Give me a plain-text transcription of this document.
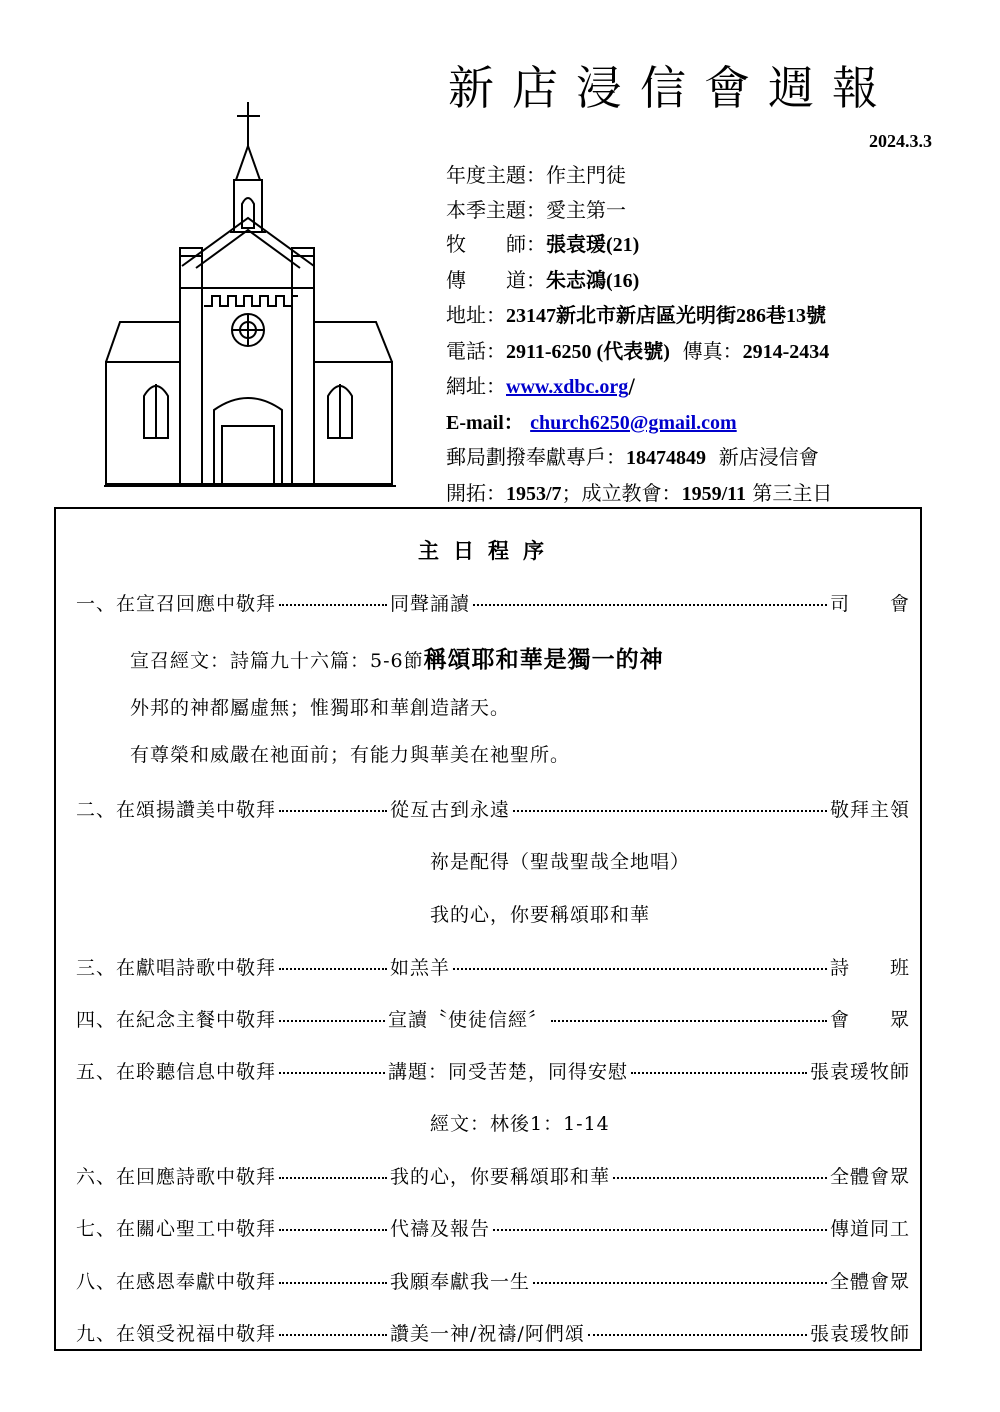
新店浸信會週報
2024.3.3
年度主題：作主門徒
本季主題：愛主第一
牧　　師：張袁瑗(21)
傳　　道：朱志鴻(16)
地址：23147新北市新店區光明街286巷13號
電話：2911-6250 (代表號) 傳真：2914-2434
網址：www.xdbc.org/
E-mail： church6250@gmail.com
郵局劃撥奉獻專戶：18474849 新店浸信會
開拓：1953/7；成立教會：1959/11 第三主日
主日程序
一、 在宣召回應中敬拜	同聲誦讀	司　　會
宣召經文：詩篇九十六篇：5-6節稱頌耶和華是獨一的神
外邦的神都屬虛無；惟獨耶和華創造諸天。
有尊榮和威嚴在祂面前；有能力與華美在祂聖所。
二、 在頌揚讚美中敬拜	從亙古到永遠	敬拜主領
祢是配得（聖哉聖哉全地唱）
我的心，你要稱頌耶和華
三、 在獻唱詩歌中敬拜	如羔羊	詩　　班
四、 在紀念主餐中敬拜	宣讀〝使徒信經〞	會　　眾
五、 在聆聽信息中敬拜	講題：同受苦楚，同得安慰	張袁瑗牧師
經文：林後1：1-14
六、 在回應詩歌中敬拜	我的心，你要稱頌耶和華	全體會眾
七、 在關心聖工中敬拜	代禱及報告	傳道同工
八、 在感恩奉獻中敬拜	我願奉獻我一生	全體會眾
九、 在領受祝福中敬拜	讚美一神/祝禱/阿們頌	張袁瑗牧師
